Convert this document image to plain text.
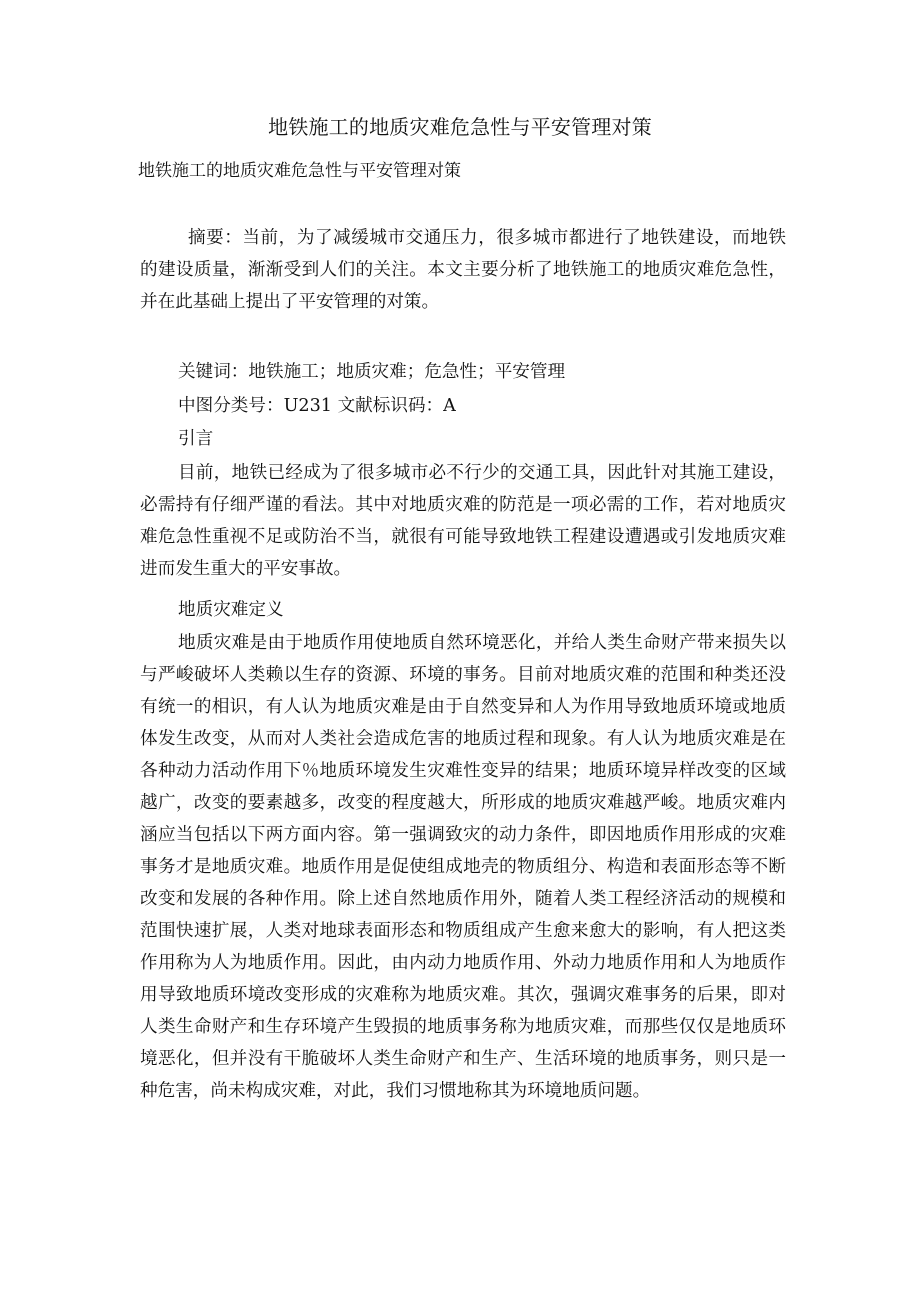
地铁施工的地质灾难危急性与平安管理对策

地铁施工的地质灾难危急性与平安管理对策

摘要：当前，为了减缓城市交通压力，很多城市都进行了地铁建设，而地铁的建设质量，渐渐受到人们的关注。本文主要分析了地铁施工的地质灾难危急性，并在此基础上提出了平安管理的对策。

关键词：地铁施工；地质灾难；危急性；平安管理

中图分类号：U231 文献标识码：A

引言

目前，地铁已经成为了很多城市必不行少的交通工具，因此针对其施工建设，必需持有仔细严谨的看法。其中对地质灾难的防范是一项必需的工作，若对地质灾难危急性重视不足或防治不当，就很有可能导致地铁工程建设遭遇或引发地质灾难进而发生重大的平安事故。

地质灾难定义

地质灾难是由于地质作用使地质自然环境恶化，并给人类生命财产带来损失以与严峻破坏人类赖以生存的资源、环境的事务。目前对地质灾难的范围和种类还没有统一的相识，有人认为地质灾难是由于自然变异和人为作用导致地质环境或地质体发生改变，从而对人类社会造成危害的地质过程和现象。有人认为地质灾难是在各种动力活动作用下％地质环境发生灾难性变异的结果；地质环境异样改变的区域越广，改变的要素越多，改变的程度越大，所形成的地质灾难越严峻。地质灾难内涵应当包括以下两方面内容。第一强调致灾的动力条件，即因地质作用形成的灾难事务才是地质灾难。地质作用是促使组成地壳的物质组分、构造和表面形态等不断改变和发展的各种作用。除上述自然地质作用外，随着人类工程经济活动的规模和范围快速扩展，人类对地球表面形态和物质组成产生愈来愈大的影响，有人把这类作用称为人为地质作用。因此，由内动力地质作用、外动力地质作用和人为地质作用导致地质环境改变形成的灾难称为地质灾难。其次，强调灾难事务的后果，即对人类生命财产和生存环境产生毁损的地质事务称为地质灾难，而那些仅仅是地质环境恶化，但并没有干脆破坏人类生命财产和生产、生活环境的地质事务，则只是一种危害，尚未构成灾难，对此，我们习惯地称其为环境地质问题。
